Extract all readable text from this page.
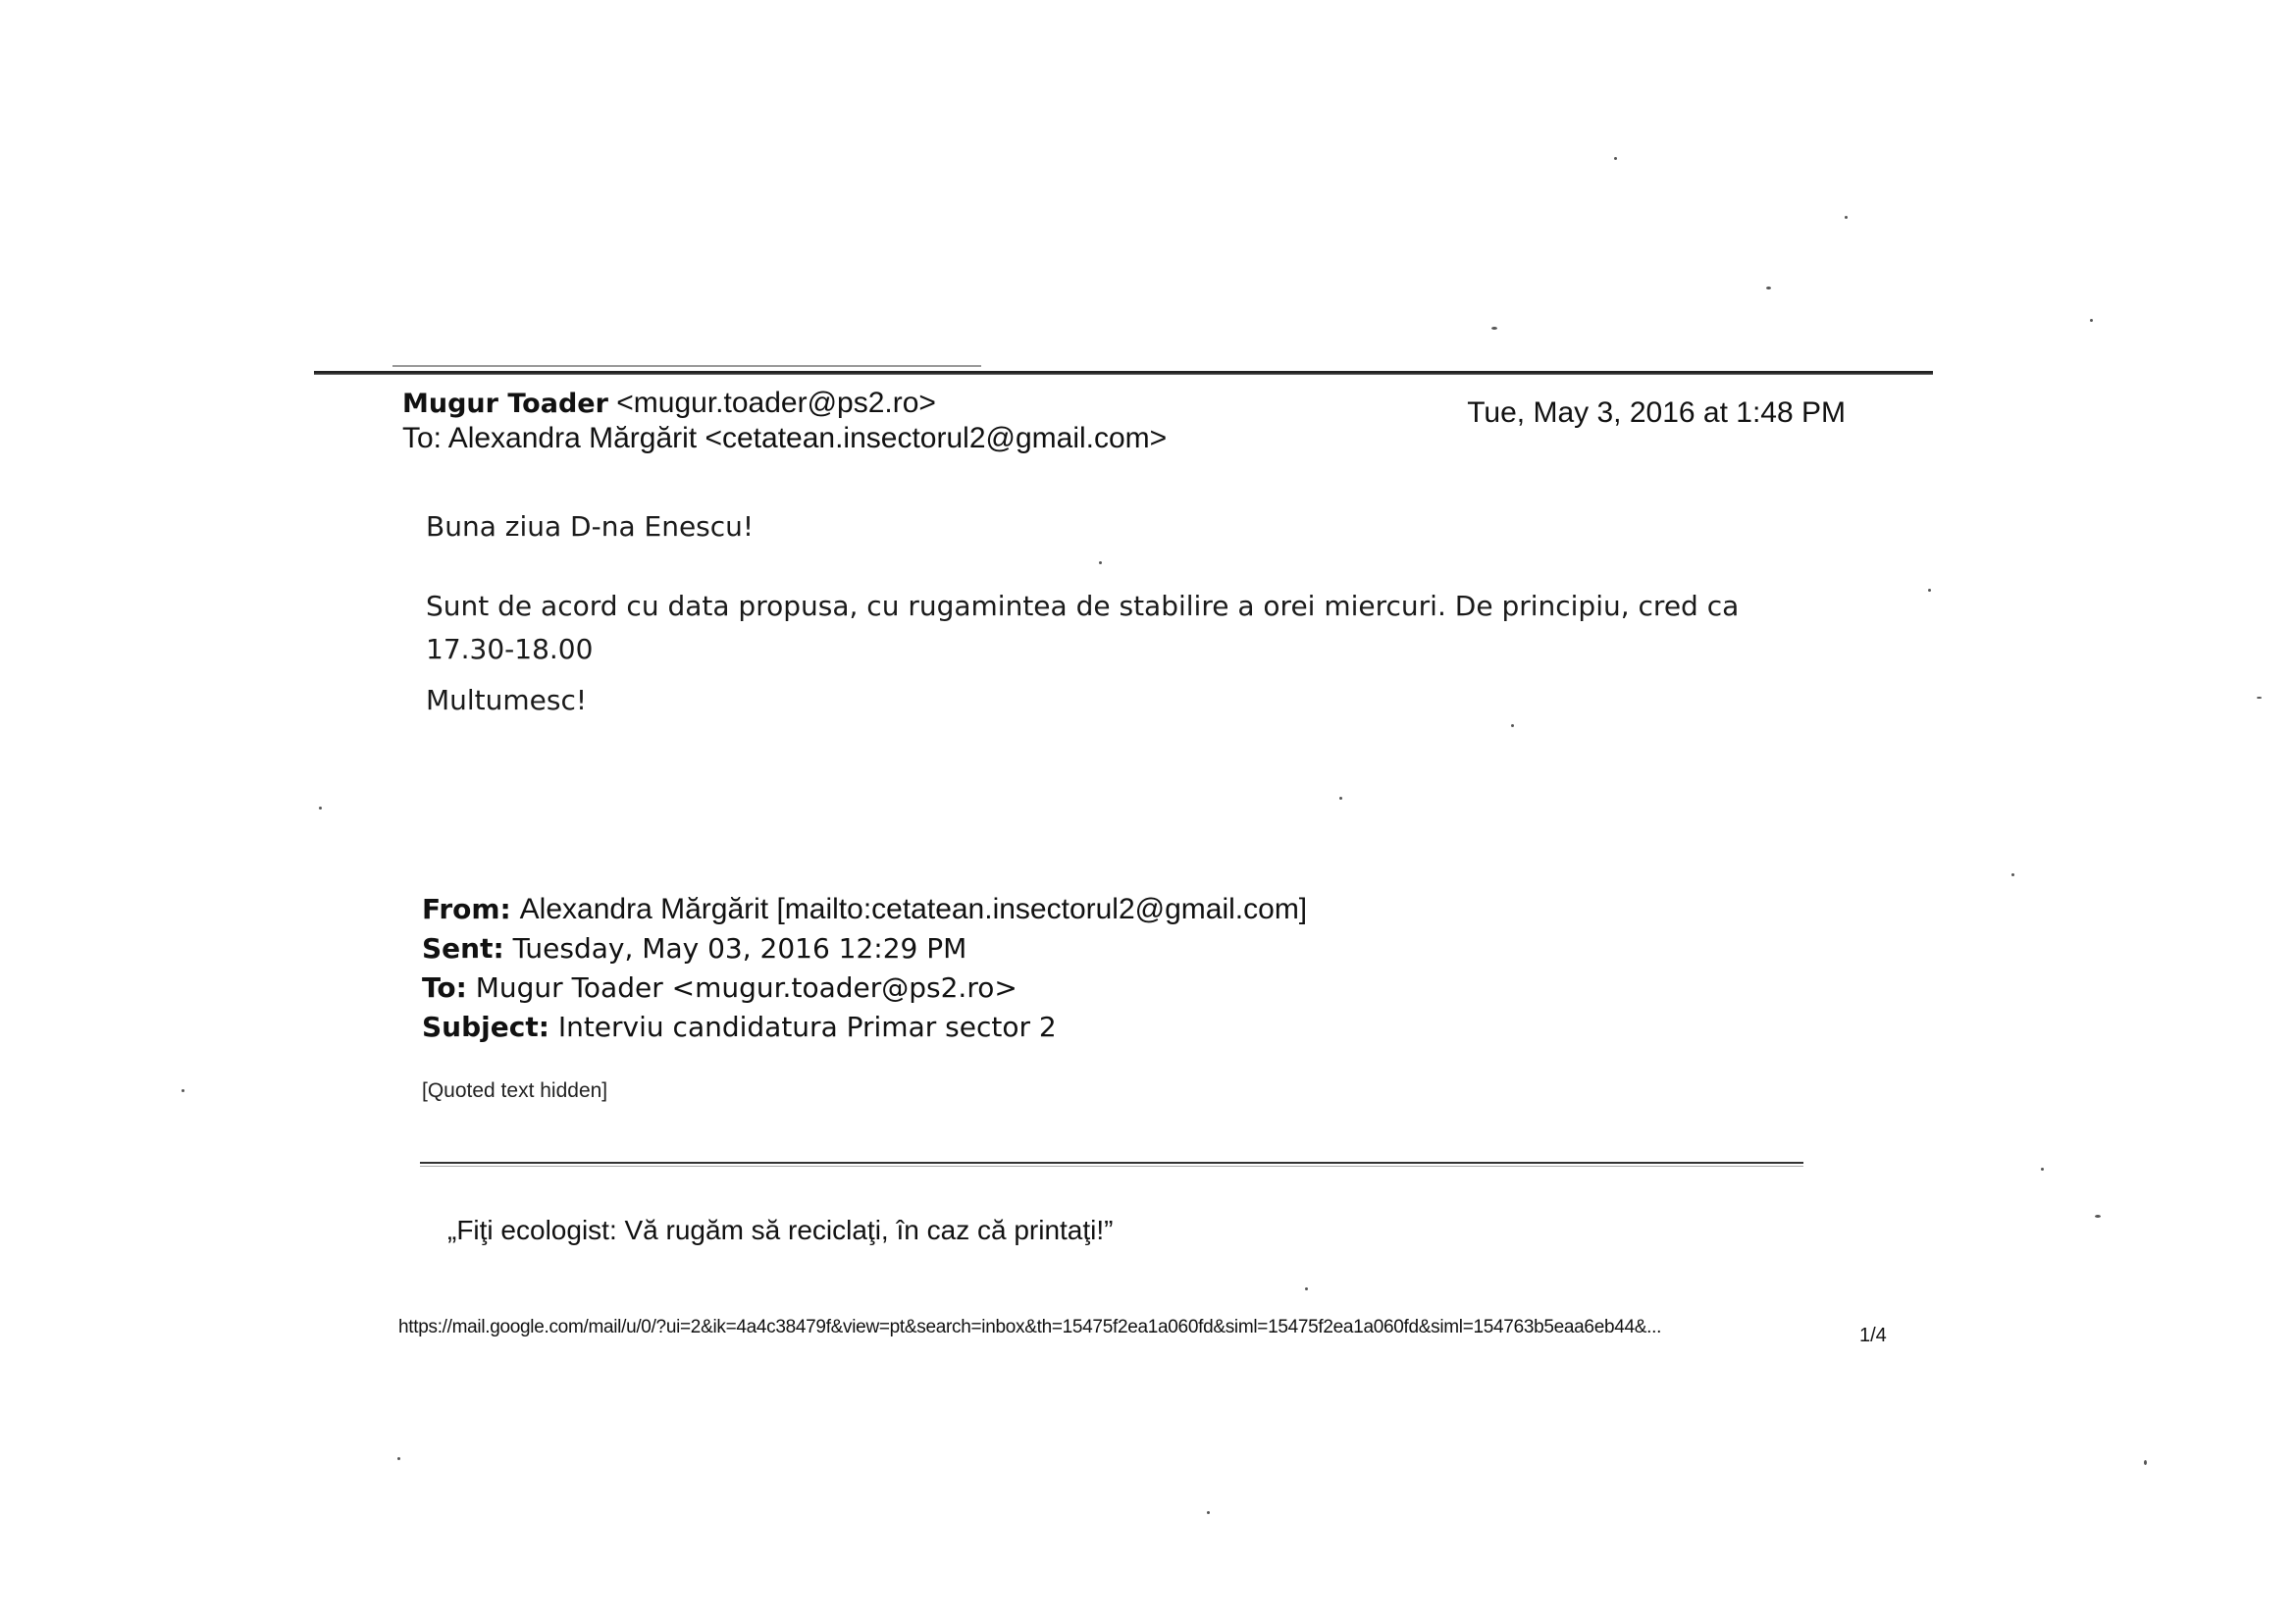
Mugur Toader <mugur.toader@ps2.ro>
To: Alexandra Mărgărit <cetatean.insectorul2@gmail.com>
Tue, May 3, 2016 at 1:48 PM
Buna ziua D-na Enescu!
Sunt de acord cu data propusa, cu rugamintea de stabilire a orei miercuri. De principiu, cred ca 17.30-18.00
Multumesc!
From: Alexandra Mărgărit [mailto:cetatean.insectorul2@gmail.com]
Sent: Tuesday, May 03, 2016 12:29 PM
To: Mugur Toader <mugur.toader@ps2.ro>
Subject: Interviu candidatura Primar sector 2
[Quoted text hidden]
„Fiţi ecologist: Vă rugăm să reciclaţi, în caz că printaţi!”
https://mail.google.com/mail/u/0/?ui=2&ik=4a4c38479f&view=pt&search=inbox&th=15475f2ea1a060fd&siml=15475f2ea1a060fd&siml=154763b5eaa6eb44&...	1/4
